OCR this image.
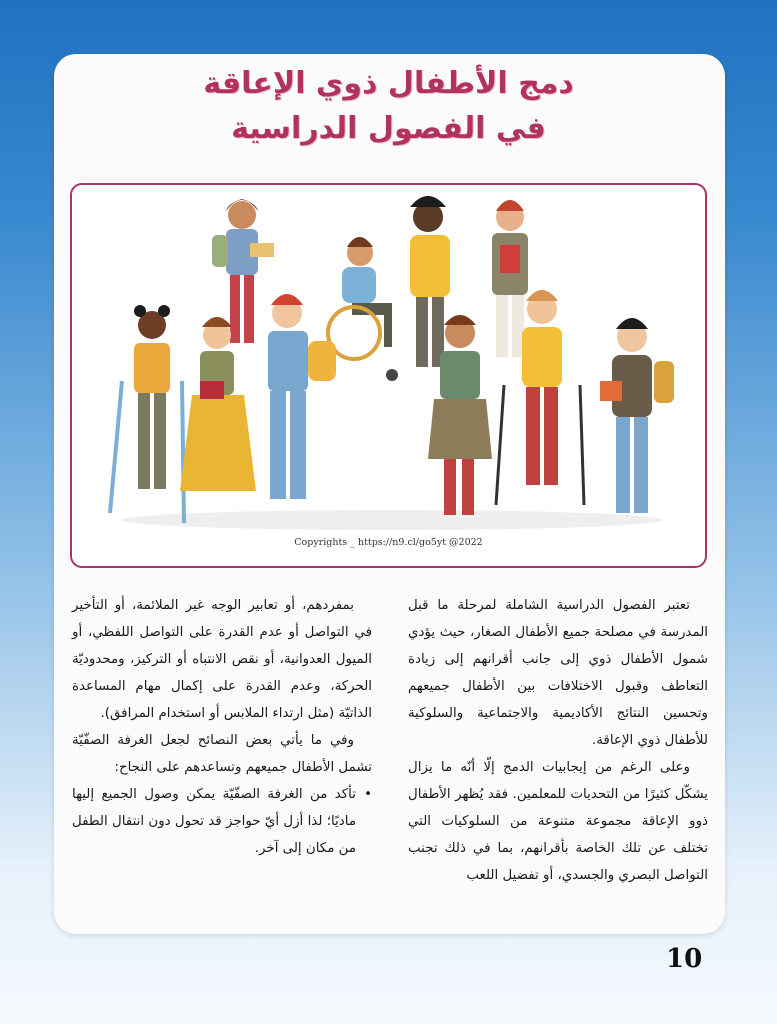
دمج الأطفال ذوي الإعاقة
في الفصول الدراسية
Copyrights _ https://n9.cl/go5yt @2022

تعتبر الفصول الدراسية الشاملة لمرحلة ما قبل المدرسة في مصلحة جميع الأطفال الصغار، حيث يؤدي شمول الأطفال ذوي إلى جانب أقرانهم إلى زيادة التعاطف وقبول الاختلافات بين الأطفال جميعهم وتحسين النتائج الأكاديمية والاجتماعية والسلوكية للأطفال ذوي الإعاقة.

وعلى الرغم من إيجابيات الدمج إلّا أنّه ما يزال يشكّل كثيرًا من التحديات للمعلمين. فقد يُظهر الأطفال ذوو الإعاقة مجموعة متنوعة من السلوكيات التي تختلف عن تلك الخاصة بأقرانهم، بما في ذلك تجنب التواصل البصري والجسدي، أو تفضيل اللعب

بمفردهم، أو تعابير الوجه غير الملائمة، أو التأخير في التواصل أو عدم القدرة على التواصل اللفظي، أو الميول العدوانية، أو نقص الانتباه أو التركيز، ومحدوديّة الحركة، وعدم القدرة على إكمال مهام المساعدة الذاتيّة (مثل ارتداء الملابس أو استخدام المرافق).

وفي ما يأتي بعض النصائح لجعل الغرفة الصفّيّة تشمل الأطفال جميعهم وتساعدهم على النجاح:

•
تأكد من الغرفة الصفّيّة يمكن وصول الجميع إليها ماديًا؛ لذا أزل أيّ حواجز قد تحول دون انتقال الطفل من مكان إلى آخر.
10
